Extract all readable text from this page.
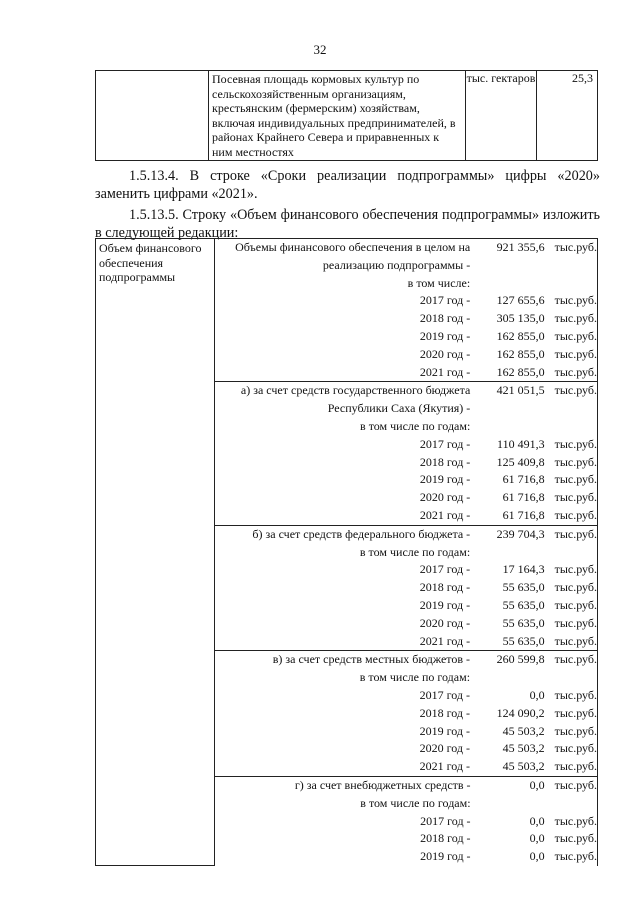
32
	Посевная площадь кормовых культур по сельскохозяйственным организациям, крестьянским (фермерским) хозяйствам, включая индивидуальных предпринимателей, в районах Крайнего Севера и приравненных к ним местностях	тыс. гектаров	25,3
1.5.13.4. В строке «Сроки реализации подпрограммы» цифры «2020» заменить цифрами «2021».
1.5.13.5. Строку «Объем финансового обеспечения подпрограммы» изложить в следующей редакции:
Объем финансового обеспечения подпрограммы	
Объемы финансового обеспечения в целом на	921 355,6	тыс.руб.
реализацию подпрограммы -		
в том числе:		
2017 год -	127 655,6	тыс.руб.
2018 год -	305 135,0	тыс.руб.
2019 год -	162 855,0	тыс.руб.
2020 год -	162 855,0	тыс.руб.
2021 год -	162 855,0	тыс.руб.

а) за счет средств государственного бюджета	421 051,5	тыс.руб.
Республики Саха (Якутия) -		
в том числе по годам:		
2017 год -	110 491,3	тыс.руб.
2018 год -	125 409,8	тыс.руб.
2019 год -	61 716,8	тыс.руб.
2020 год -	61 716,8	тыс.руб.
2021 год -	61 716,8	тыс.руб.

б) за счет средств федерального бюджета -	239 704,3	тыс.руб.
в том числе по годам:		
2017 год -	17 164,3	тыс.руб.
2018 год -	55 635,0	тыс.руб.
2019 год -	55 635,0	тыс.руб.
2020 год -	55 635,0	тыс.руб.
2021 год -	55 635,0	тыс.руб.

в) за счет средств местных бюджетов -	260 599,8	тыс.руб.
в том числе по годам:		
2017 год -	0,0	тыс.руб.
2018 год -	124 090,2	тыс.руб.
2019 год -	45 503,2	тыс.руб.
2020 год -	45 503,2	тыс.руб.
2021 год -	45 503,2	тыс.руб.

г) за счет внебюджетных средств -	0,0	тыс.руб.
в том числе по годам:		
2017 год -	0,0	тыс.руб.
2018 год -	0,0	тыс.руб.
2019 год -	0,0	тыс.руб.
